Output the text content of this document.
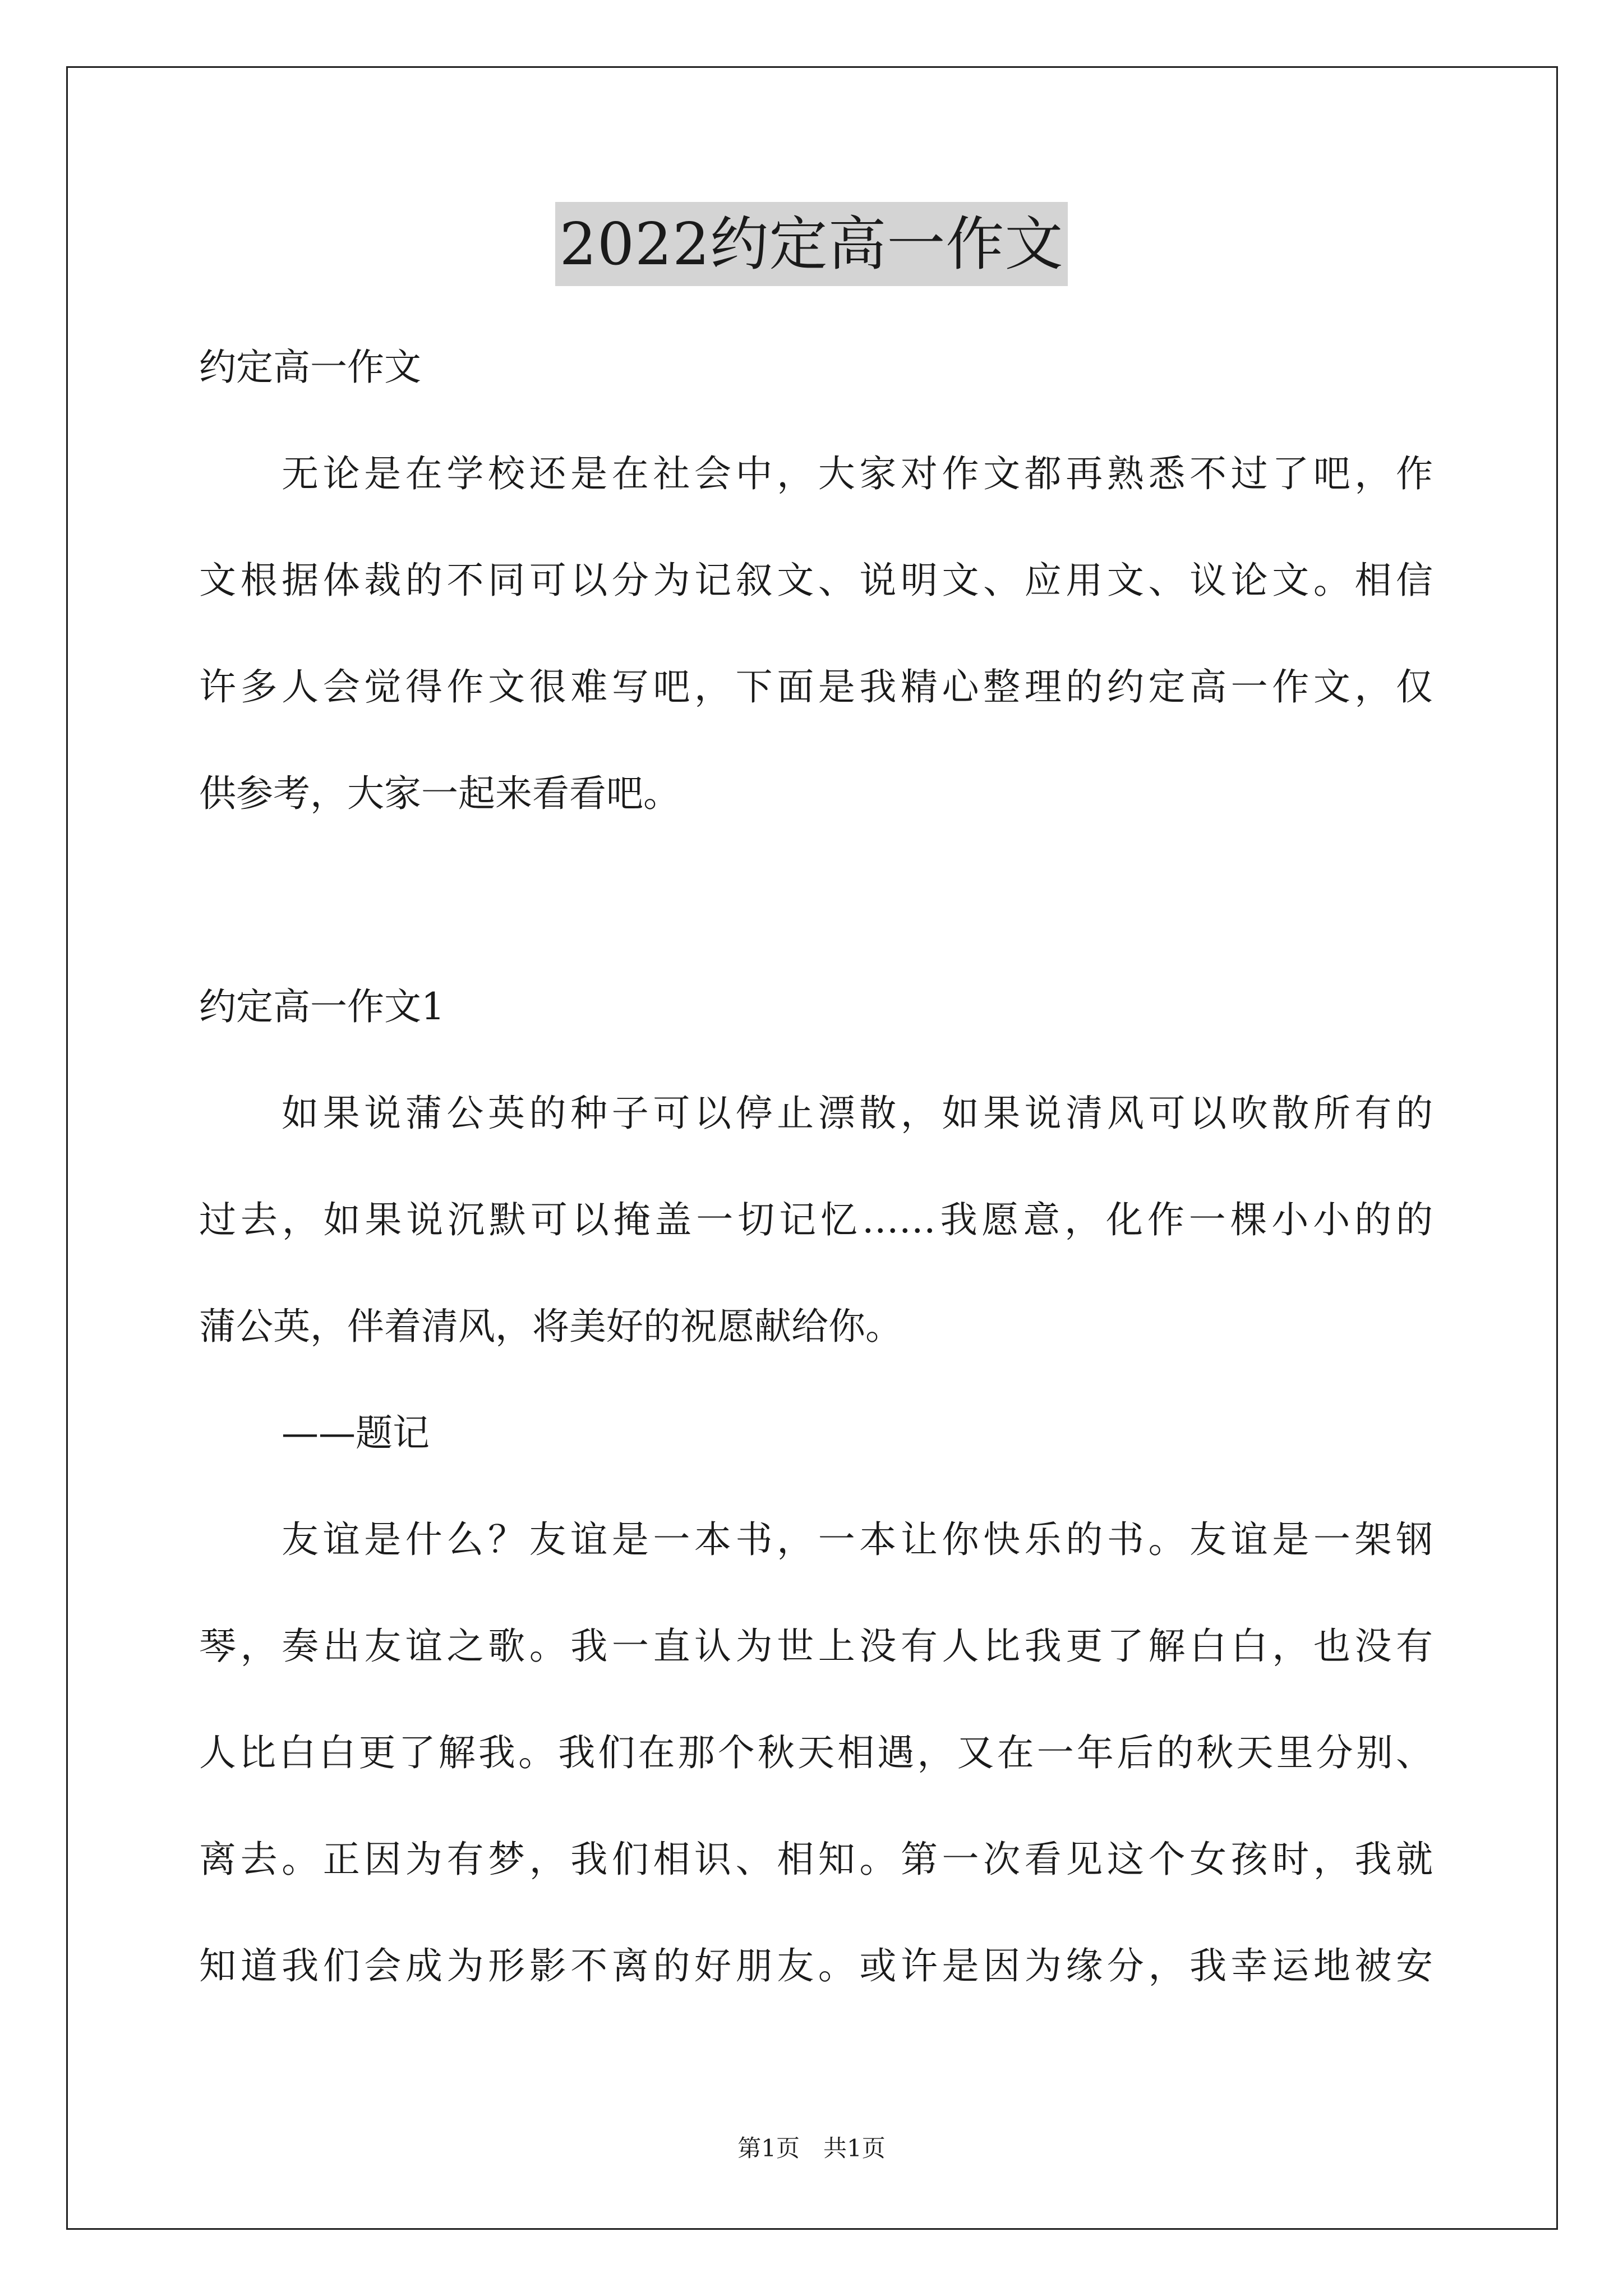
2022约定高一作文
约定高一作文
无论是在学校还是在社会中，大家对作文都再熟悉不过了吧，作
文根据体裁的不同可以分为记叙文、说明文、应用文、议论文。相信
许多人会觉得作文很难写吧，下面是我精心整理的约定高一作文，仅
供参考，大家一起来看看吧。
约定高一作文1
如果说蒲公英的种子可以停止漂散，如果说清风可以吹散所有的
过去，如果说沉默可以掩盖一切记忆……我愿意，化作一棵小小的的
蒲公英，伴着清风，将美好的祝愿献给你。
——题记
友谊是什么？友谊是一本书，一本让你快乐的书。友谊是一架钢
琴，奏出友谊之歌。我一直认为世上没有人比我更了解白白，也没有
人比白白更了解我。我们在那个秋天相遇，又在一年后的秋天里分别、
离去。正因为有梦，我们相识、相知。第一次看见这个女孩时，我就
知道我们会成为形影不离的好朋友。或许是因为缘分，我幸运地被安
第1页　共1页
